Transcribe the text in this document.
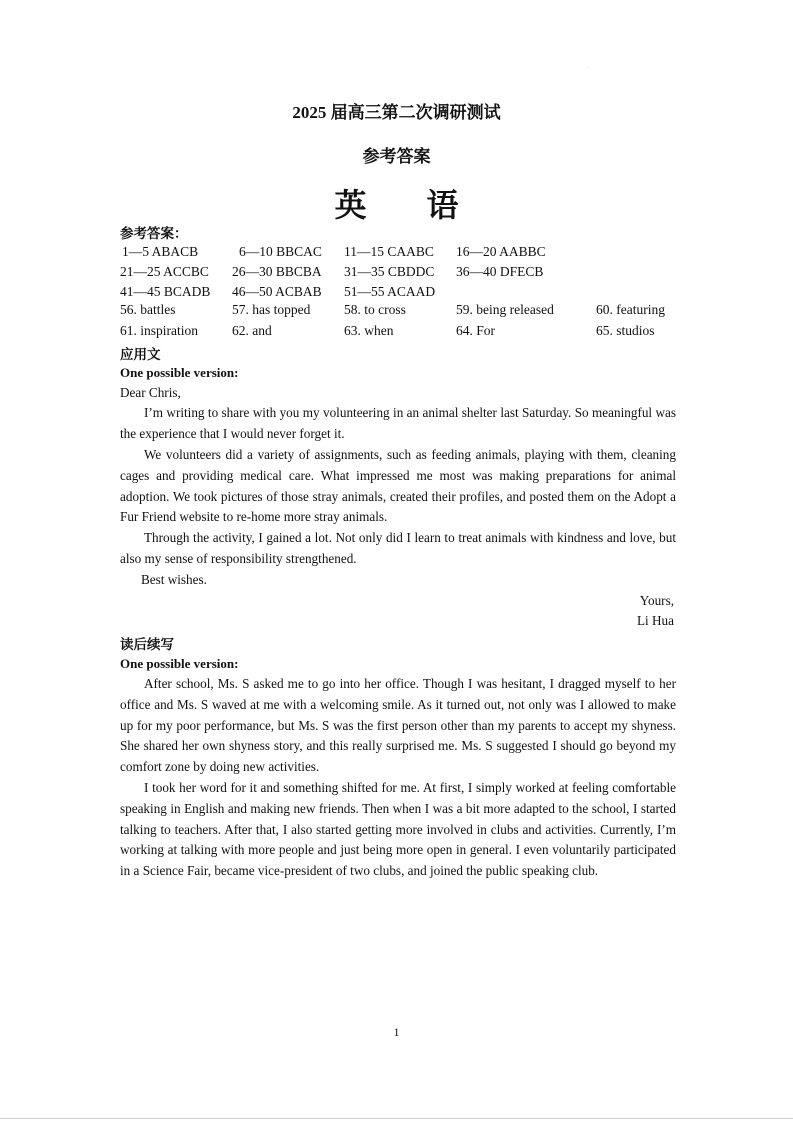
.
2025 届高三第二次调研测试
参考答案
英 语
参考答案：
1—5 ABACB	6—10 BBCAC 11—15 CAABC 16—20 AABBC
21—25 ACCBC 26—30 BBCBA 31—35 CBDDC 36—40 DFECB
41—45 BCADB 46—50 ACBAB 51—55 ACAAD
56. battles	57. has topped 58. to cross	59. being released	60. featuring
61. inspiration	62. and	63. when	64. For	65. studios
应用文
One possible version:
Dear Chris,
I’m writing to share with you my volunteering in an animal shelter last Saturday. So meaningful was the experience that I would never forget it.
We volunteers did a variety of assignments, such as feeding animals, playing with them, cleaning cages and providing medical care. What impressed me most was making preparations for animal adoption. We took pictures of those stray animals, created their profiles, and posted them on the Adopt a Fur Friend website to re-home more stray animals.
Through the activity, I gained a lot. Not only did I learn to treat animals with kindness and love, but also my sense of responsibility strengthened.
Best wishes.
Yours,
Li Hua
读后续写
One possible version:
After school, Ms. S asked me to go into her office. Though I was hesitant, I dragged myself to her office and Ms. S waved at me with a welcoming smile. As it turned out, not only was I allowed to make up for my poor performance, but Ms. S was the first person other than my parents to accept my shyness. She shared her own shyness story, and this really surprised me. Ms. S suggested I should go beyond my comfort zone by doing new activities.
I took her word for it and something shifted for me. At first, I simply worked at feeling comfortable speaking in English and making new friends. Then when I was a bit more adapted to the school, I started talking to teachers. After that, I also started getting more involved in clubs and activities. Currently, I’m working at talking with more people and just being more open in general. I even voluntarily participated in a Science Fair, became vice-president of two clubs, and joined the public speaking club.
1
